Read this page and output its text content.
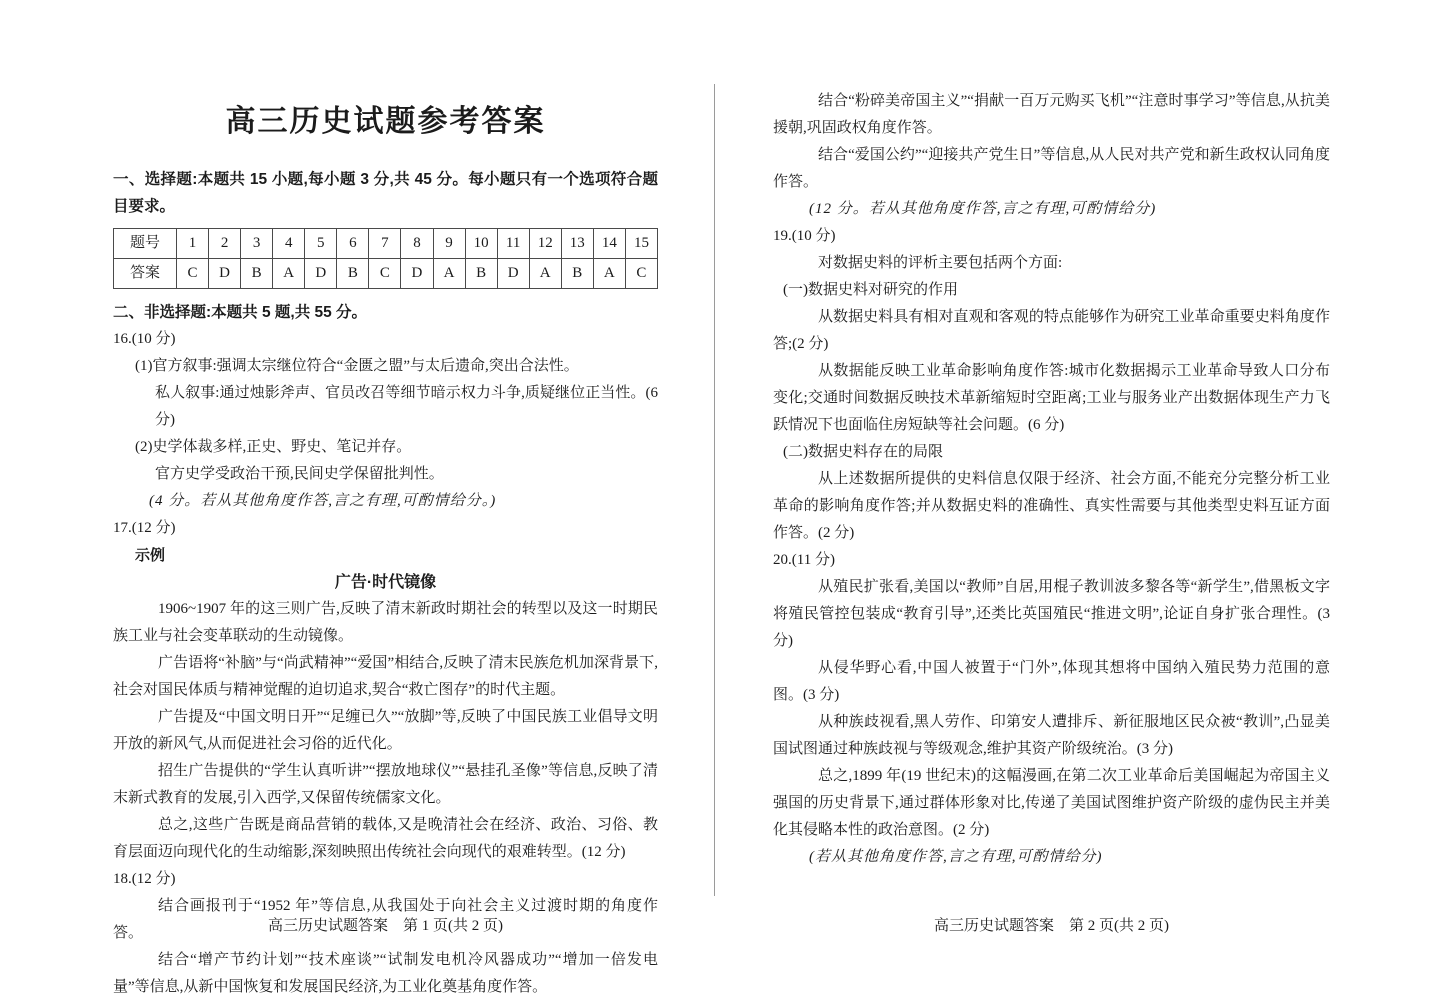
高三历史试题参考答案

一、选择题:本题共 15 小题,每小题 3 分,共 45 分。每小题只有一个选项符合题目要求。

题号	1	2	3	4	5	6	7	8	9	10	11	12	13	14	15
答案	C	D	B	A	D	B	C	D	A	B	D	A	B	A	C

二、非选择题:本题共 5 题,共 55 分。

16.(10 分)

(1)官方叙事:强调太宗继位符合“金匮之盟”与太后遗命,突出合法性。

私人叙事:通过烛影斧声、官员改召等细节暗示权力斗争,质疑继位正当性。(6 分)

(2)史学体裁多样,正史、野史、笔记并存。

官方史学受政治干预,民间史学保留批判性。

(4 分。若从其他角度作答,言之有理,可酌情给分。)

17.(12 分)

示例

广告·时代镜像

1906~1907 年的这三则广告,反映了清末新政时期社会的转型以及这一时期民族工业与社会变革联动的生动镜像。

广告语将“补脑”与“尚武精神”“爱国”相结合,反映了清末民族危机加深背景下,社会对国民体质与精神觉醒的迫切追求,契合“救亡图存”的时代主题。

广告提及“中国文明日开”“足缠已久”“放脚”等,反映了中国民族工业倡导文明开放的新风气,从而促进社会习俗的近代化。

招生广告提供的“学生认真听讲”“摆放地球仪”“悬挂孔圣像”等信息,反映了清末新式教育的发展,引入西学,又保留传统儒家文化。

总之,这些广告既是商品营销的载体,又是晚清社会在经济、政治、习俗、教育层面迈向现代化的生动缩影,深刻映照出传统社会向现代的艰难转型。(12 分)

18.(12 分)

结合画报刊于“1952 年”等信息,从我国处于向社会主义过渡时期的角度作答。

结合“增产节约计划”“技术座谈”“试制发电机冷风器成功”“增加一倍发电量”等信息,从新中国恢复和发展国民经济,为工业化奠基角度作答。

结合“粉碎美帝国主义”“捐献一百万元购买飞机”“注意时事学习”等信息,从抗美援朝,巩固政权角度作答。

结合“爱国公约”“迎接共产党生日”等信息,从人民对共产党和新生政权认同角度作答。

(12 分。若从其他角度作答,言之有理,可酌情给分)

19.(10 分)

对数据史料的评析主要包括两个方面:

(一)数据史料对研究的作用

从数据史料具有相对直观和客观的特点能够作为研究工业革命重要史料角度作答;(2 分)

从数据能反映工业革命影响角度作答:城市化数据揭示工业革命导致人口分布变化;交通时间数据反映技术革新缩短时空距离;工业与服务业产出数据体现生产力飞跃情况下也面临住房短缺等社会问题。(6 分)

(二)数据史料存在的局限

从上述数据所提供的史料信息仅限于经济、社会方面,不能充分完整分析工业革命的影响角度作答;并从数据史料的准确性、真实性需要与其他类型史料互证方面作答。(2 分)

20.(11 分)

从殖民扩张看,美国以“教师”自居,用棍子教训波多黎各等“新学生”,借黑板文字将殖民管控包装成“教育引导”,还类比英国殖民“推进文明”,论证自身扩张合理性。(3 分)

从侵华野心看,中国人被置于“门外”,体现其想将中国纳入殖民势力范围的意图。(3 分)

从种族歧视看,黑人劳作、印第安人遭排斥、新征服地区民众被“教训”,凸显美国试图通过种族歧视与等级观念,维护其资产阶级统治。(3 分)

总之,1899 年(19 世纪末)的这幅漫画,在第二次工业革命后美国崛起为帝国主义强国的历史背景下,通过群体形象对比,传递了美国试图维护资产阶级的虚伪民主并美化其侵略本性的政治意图。(2 分)

(若从其他角度作答,言之有理,可酌情给分)

高三历史试题答案　第 1 页(共 2 页)	高三历史试题答案　第 2 页(共 2 页)
